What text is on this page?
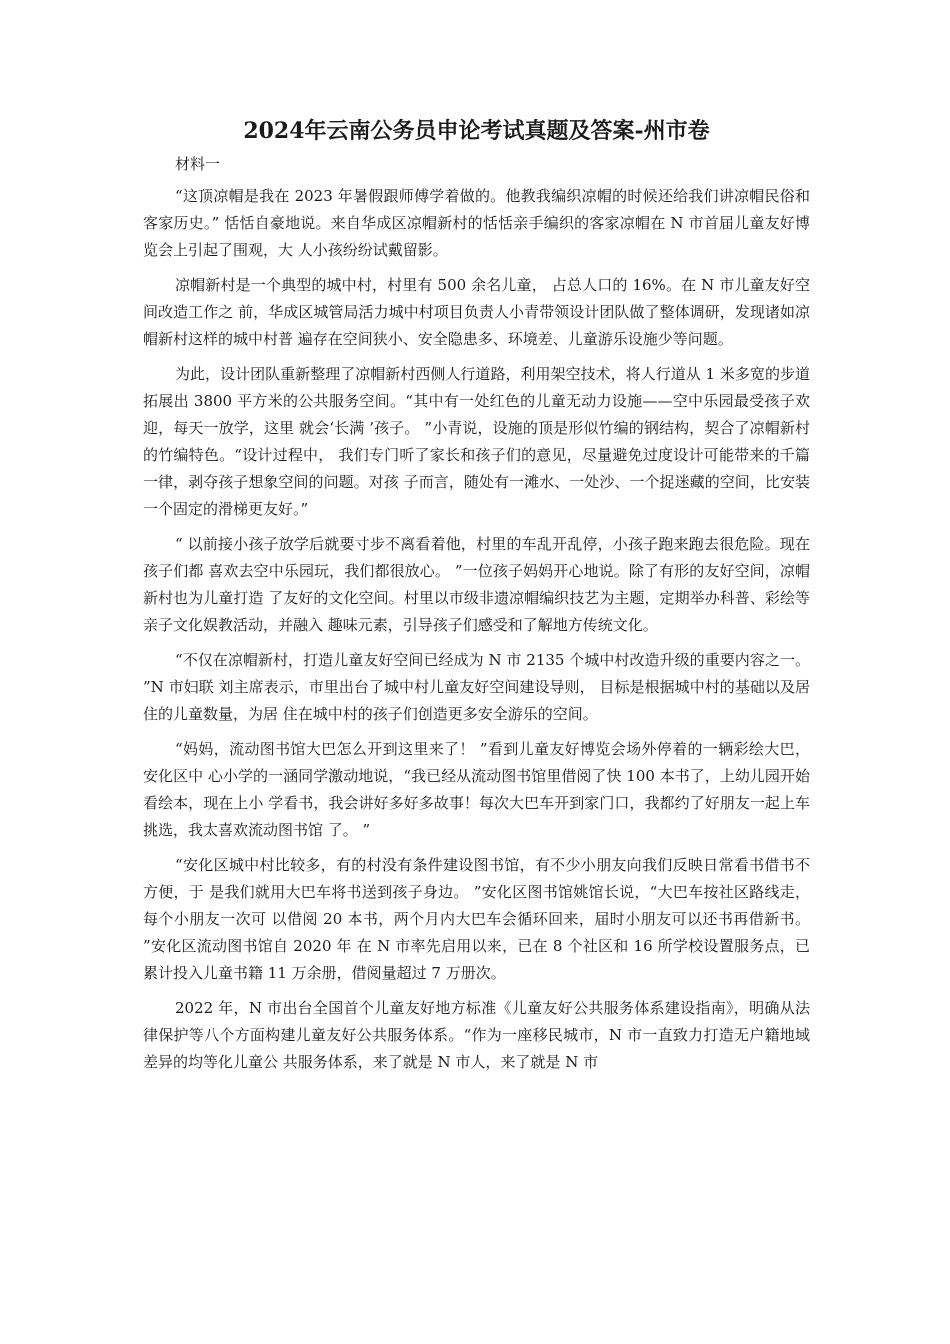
2024年云南公务员申论考试真题及答案-州市卷
材料一

“这顶凉帽是我在 2023 年暑假跟师傅学着做的。他教我编织凉帽的时候还给我们讲凉帽民俗和客家历史。” 恬恬自豪地说。来自华成区凉帽新村的恬恬亲手编织的客家凉帽在 N 市首届儿童友好博览会上引起了围观，大 人小孩纷纷试戴留影。

凉帽新村是一个典型的城中村，村里有 500 余名儿童， 占总人口的 16%。在 N 市儿童友好空间改造工作之 前，华成区城管局活力城中村项目负责人小青带领设计团队做了整体调研，发现诸如凉帽新村这样的城中村普 遍存在空间狭小、安全隐患多、环境差、儿童游乐设施少等问题。

为此，设计团队重新整理了凉帽新村西侧人行道路，利用架空技术，将人行道从 1 米多宽的步道拓展出 3800 平方米的公共服务空间。“其中有一处红色的儿童无动力设施——空中乐园最受孩子欢迎，每天一放学，这里 就会‘长满 ’孩子。 ”小青说，设施的顶是形似竹编的钢结构，契合了凉帽新村的竹编特色。“设计过程中， 我们专门听了家长和孩子们的意见，尽量避免过度设计可能带来的千篇一律，剥夺孩子想象空间的问题。对孩 子而言，随处有一滩水、一处沙、一个捉迷藏的空间，比安装一个固定的滑梯更友好。”

“ 以前接小孩子放学后就要寸步不离看着他，村里的车乱开乱停，小孩子跑来跑去很危险。现在孩子们都 喜欢去空中乐园玩，我们都很放心。 ”一位孩子妈妈开心地说。除了有形的友好空间，凉帽新村也为儿童打造 了友好的文化空间。村里以市级非遗凉帽编织技艺为主题，定期举办科普、彩绘等亲子文化娱教活动，并融入 趣味元素，引导孩子们感受和了解地方传统文化。

“不仅在凉帽新村，打造儿童友好空间已经成为 N 市 2135 个城中村改造升级的重要内容之一。 ”N 市妇联 刘主席表示，市里出台了城中村儿童友好空间建设导则， 目标是根据城中村的基础以及居住的儿童数量，为居 住在城中村的孩子们创造更多安全游乐的空间。

“妈妈，流动图书馆大巴怎么开到这里来了！ ”看到儿童友好博览会场外停着的一辆彩绘大巴，安化区中 心小学的一涵同学激动地说，“我已经从流动图书馆里借阅了快 100 本书了，上幼儿园开始看绘本，现在上小 学看书，我会讲好多好多故事！每次大巴车开到家门口，我都约了好朋友一起上车挑选，我太喜欢流动图书馆 了。 ”

“安化区城中村比较多，有的村没有条件建设图书馆，有不少小朋友向我们反映日常看书借书不方便，于 是我们就用大巴车将书送到孩子身边。 ”安化区图书馆姚馆长说，“大巴车按社区路线走，每个小朋友一次可 以借阅 20 本书，两个月内大巴车会循环回来，届时小朋友可以还书再借新书。 ”安化区流动图书馆自 2020 年 在 N 市率先启用以来，已在 8 个社区和 16 所学校设置服务点，已累计投入儿童书籍 11 万余册，借阅量超过 7 万册次。

2022 年，N 市出台全国首个儿童友好地方标准《儿童友好公共服务体系建设指南》，明确从法律保护等八个方面构建儿童友好公共服务体系。“作为一座移民城市，N 市一直致力打造无户籍地域差异的均等化儿童公 共服务体系，来了就是 N 市人，来了就是 N 市
